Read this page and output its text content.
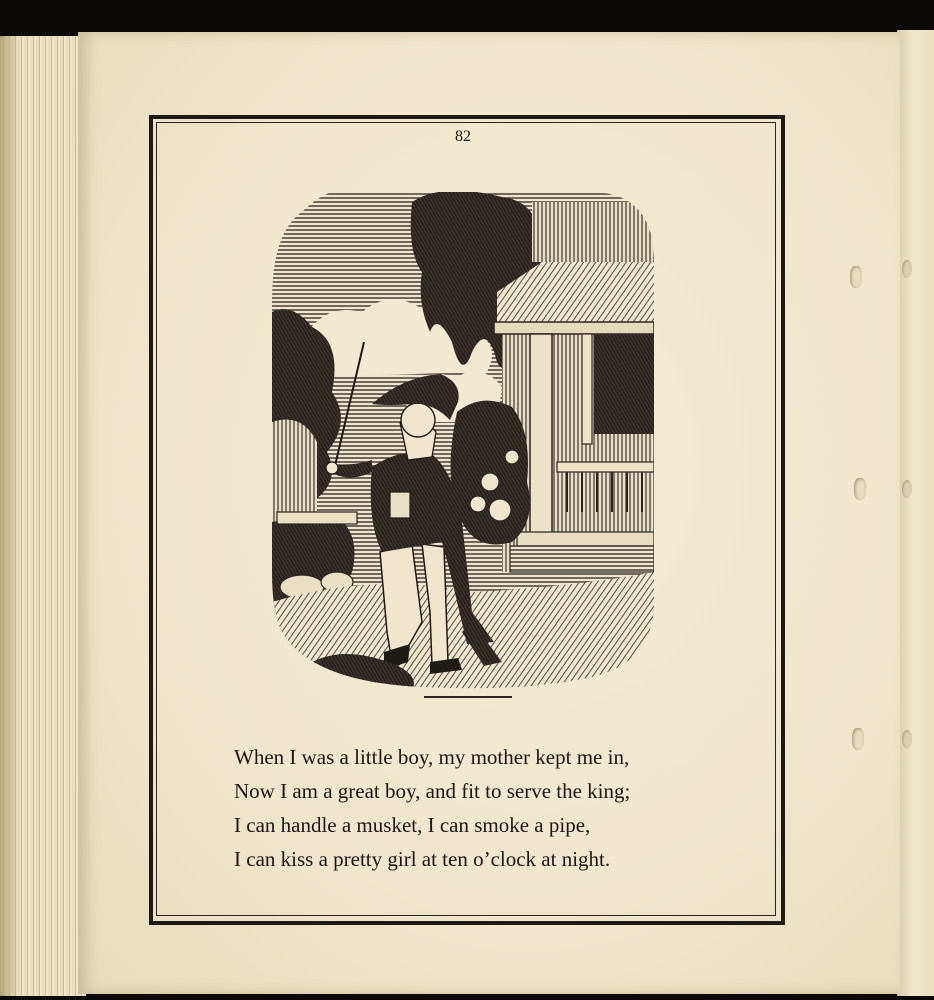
82
When I was a little boy, my mother kept me in,
Now I am a great boy, and fit to serve the king;
I can handle a musket, I can smoke a pipe,
I can kiss a pretty girl at ten o’clock at night.
